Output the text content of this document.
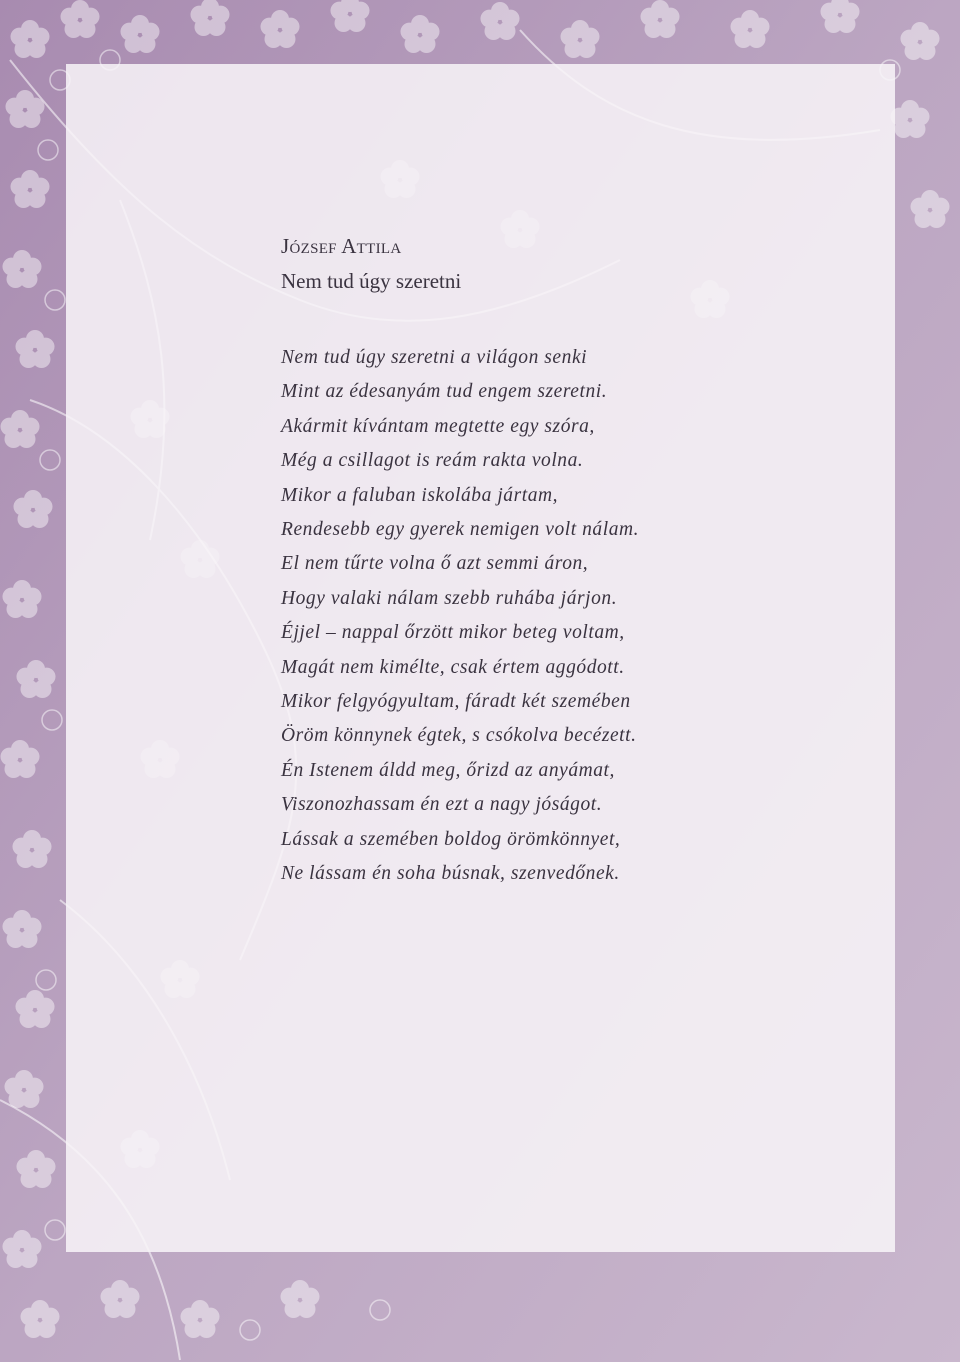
József Attila
Nem tud úgy szeretni
Nem tud úgy szeretni a világon senki
Mint az édesanyám tud engem szeretni.
Akármit kívántam megtette egy szóra,
Még a csillagot is reám rakta volna.
Mikor a faluban iskolába jártam,
Rendesebb egy gyerek nemigen volt nálam.
El nem tűrte volna ő azt semmi áron,
Hogy valaki nálam szebb ruhába járjon.
Éjjel – nappal őrzött mikor beteg voltam,
Magát nem kimélte, csak értem aggódott.
Mikor felgyógyultam, fáradt két szemében
Öröm könnynek égtek, s csókolva becézett.
Én Istenem áldd meg, őrizd az anyámat,
Viszonozhassam én ezt a nagy jóságot.
Lássak a szemében boldog örömkönnyet,
Ne lássam én soha búsnak, szenvedőnek.
